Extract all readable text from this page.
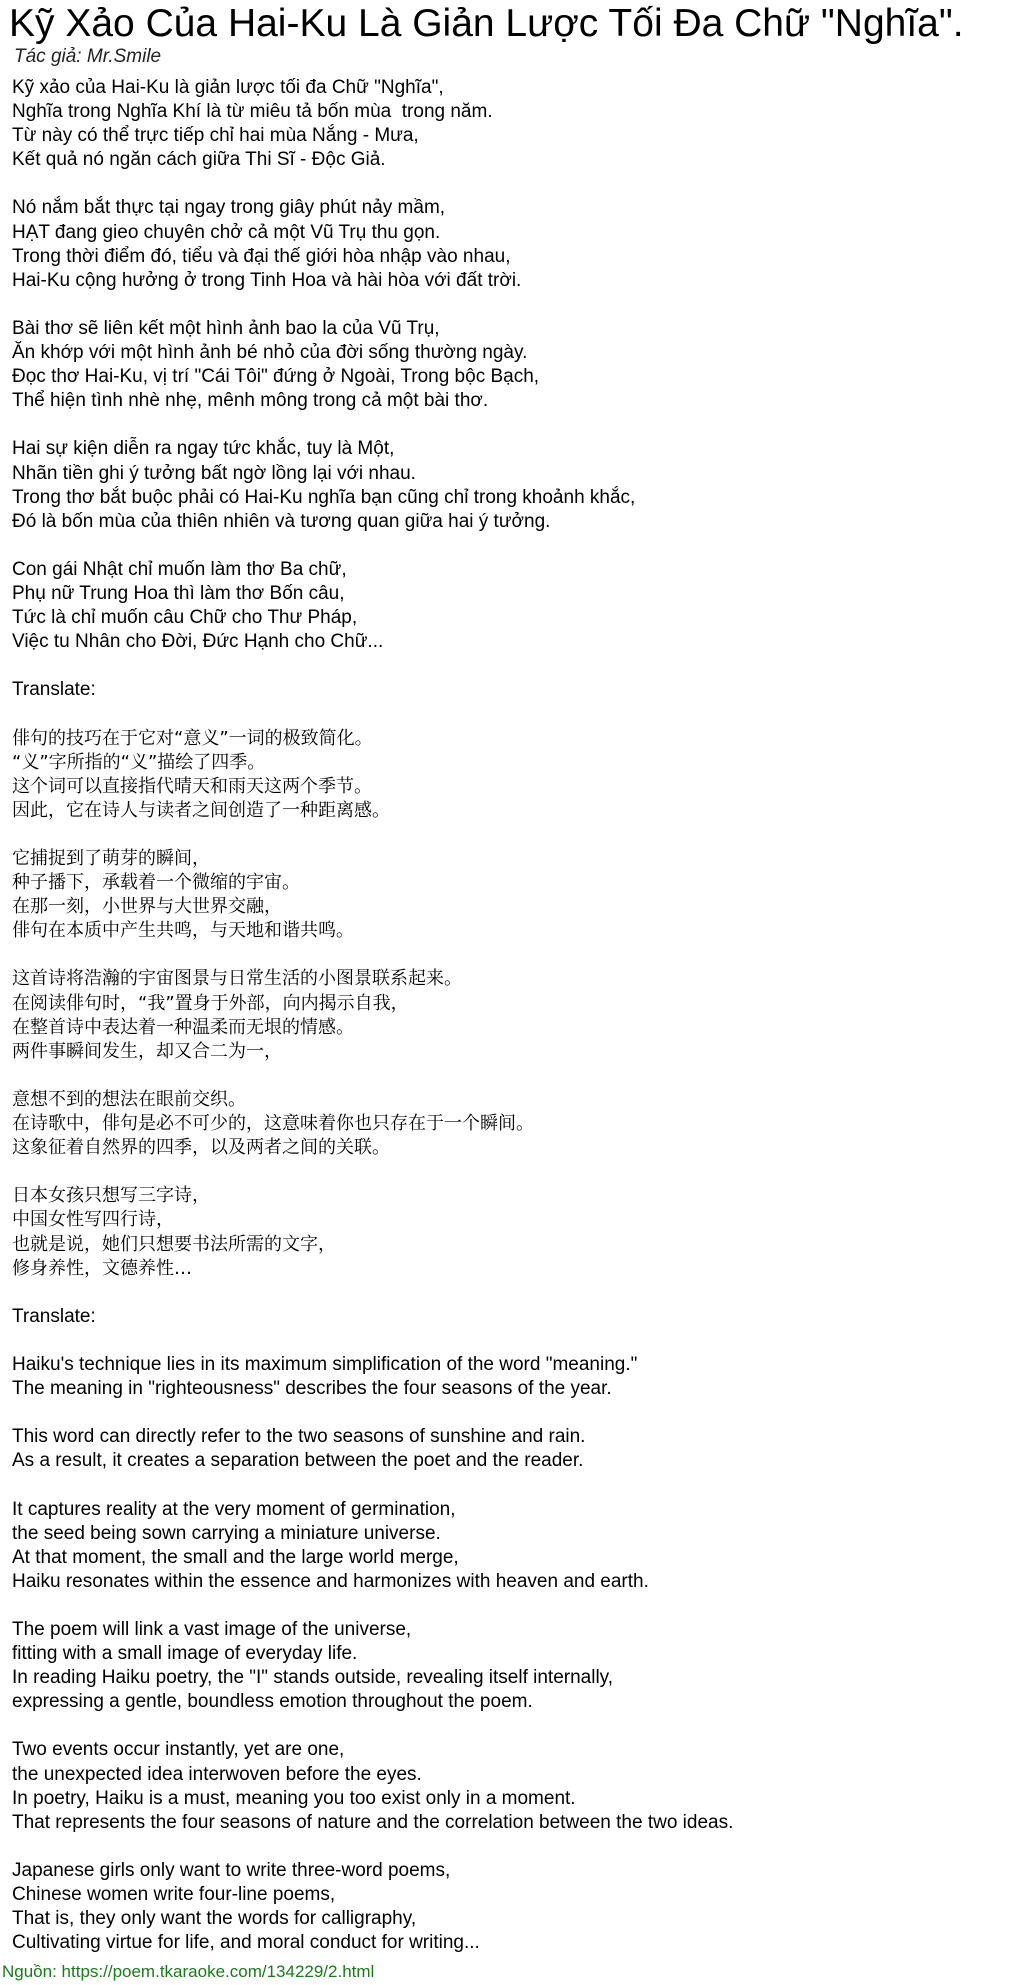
Kỹ Xảo Của Hai-Ku Là Giản Lược Tối Đa Chữ "Nghĩa".
Tác giả: Mr.Smile
Kỹ xảo của Hai-Ku là giản lược tối đa Chữ "Nghĩa",
Nghĩa trong Nghĩa Khí là từ miêu tả bốn mùa  trong năm.
Từ này có thể trực tiếp chỉ hai mùa Nắng - Mưa,
Kết quả nó ngăn cách giữa Thi Sĩ - Độc Giả.
Nó nắm bắt thực tại ngay trong giây phút nảy mầm,
HẠT đang gieo chuyên chở cả một Vũ Trụ thu gọn.
Trong thời điểm đó, tiểu và đại thế giới hòa nhập vào nhau,
Hai-Ku cộng hưởng ở trong Tinh Hoa và hài hòa với đất trời.
Bài thơ sẽ liên kết một hình ảnh bao la của Vũ Trụ,
Ăn khớp với một hình ảnh bé nhỏ của đời sống thường ngày.
Đọc thơ Hai-Ku, vị trí "Cái Tôi" đứng ở Ngoài, Trong bộc Bạch,
Thể hiện tình nhè nhẹ, mênh mông trong cả một bài thơ.
Hai sự kiện diễn ra ngay tức khắc, tuy là Một,
Nhãn tiền ghi ý tưởng bất ngờ lồng lại với nhau.
Trong thơ bắt buộc phải có Hai-Ku nghĩa bạn cũng chỉ trong khoảnh khắc,
Đó là bốn mùa của thiên nhiên và tương quan giữa hai ý tưởng.
Con gái Nhật chỉ muốn làm thơ Ba chữ,
Phụ nữ Trung Hoa thì làm thơ Bốn câu,
Tức là chỉ muốn câu Chữ cho Thư Pháp,
Việc tu Nhân cho Đời, Đức Hạnh cho Chữ...
Translate:
俳句的技巧在于它对“意义”一词的极致简化。
“义”字所指的“义”描绘了四季。
这个词可以直接指代晴天和雨天这两个季节。
因此，它在诗人与读者之间创造了一种距离感。
它捕捉到了萌芽的瞬间，
种子播下，承载着一个微缩的宇宙。
在那一刻，小世界与大世界交融，
俳句在本质中产生共鸣，与天地和谐共鸣。
这首诗将浩瀚的宇宙图景与日常生活的小图景联系起来。
在阅读俳句时，“我”置身于外部，向内揭示自我，
在整首诗中表达着一种温柔而无垠的情感。
两件事瞬间发生，却又合二为一，
意想不到的想法在眼前交织。
在诗歌中，俳句是必不可少的，这意味着你也只存在于一个瞬间。
这象征着自然界的四季，以及两者之间的关联。
日本女孩只想写三字诗，
中国女性写四行诗，
也就是说，她们只想要书法所需的文字，
修身养性，文德养性…
Translate:
Haiku's technique lies in its maximum simplification of the word "meaning."
The meaning in "righteousness" describes the four seasons of the year.
This word can directly refer to the two seasons of sunshine and rain.
As a result, it creates a separation between the poet and the reader.
It captures reality at the very moment of germination,
the seed being sown carrying a miniature universe.
At that moment, the small and the large world merge,
Haiku resonates within the essence and harmonizes with heaven and earth.
The poem will link a vast image of the universe,
fitting with a small image of everyday life.
In reading Haiku poetry, the "I" stands outside, revealing itself internally,
expressing a gentle, boundless emotion throughout the poem.
Two events occur instantly, yet are one,
the unexpected idea interwoven before the eyes.
In poetry, Haiku is a must, meaning you too exist only in a moment.
That represents the four seasons of nature and the correlation between the two ideas.
Japanese girls only want to write three-word poems,
Chinese women write four-line poems,
That is, they only want the words for calligraphy,
Cultivating virtue for life, and moral conduct for writing...
Nguồn: https://poem.tkaraoke.com/134229/2.html
